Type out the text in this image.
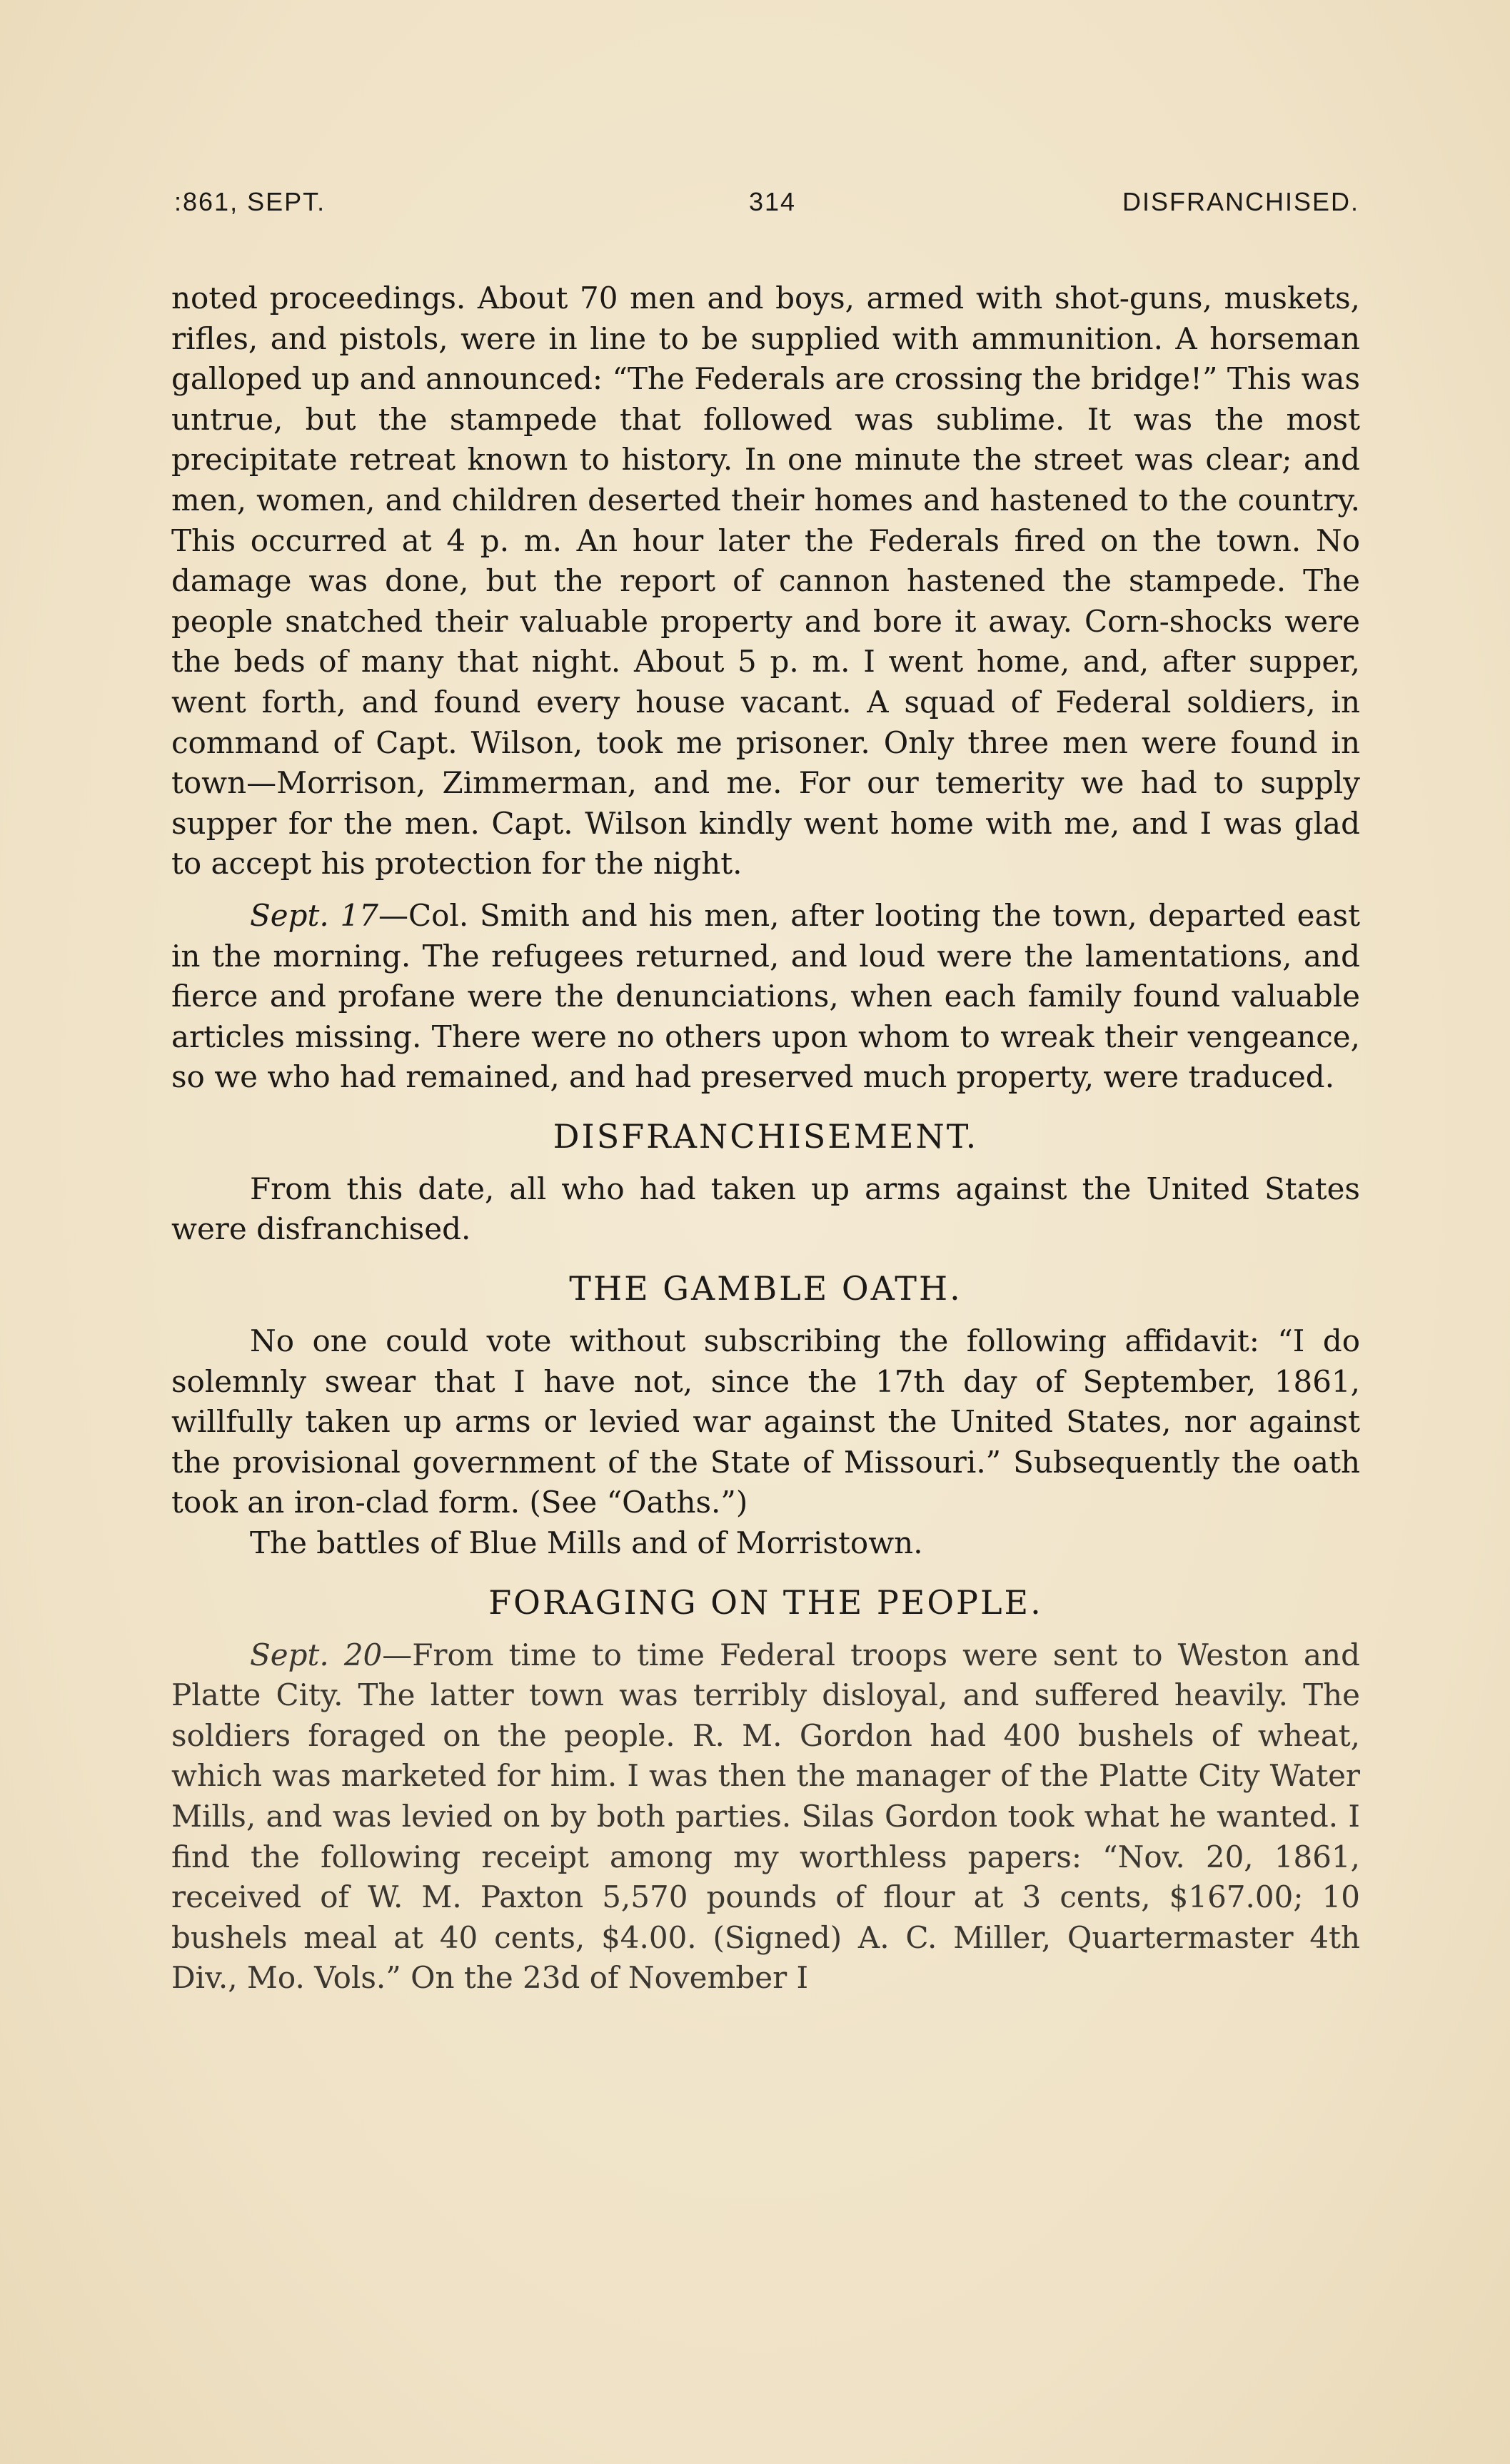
:861, SEPT.	314	DISFRANCHISED.

noted proceedings. About 70 men and boys, armed with shot-guns, muskets, rifles, and pistols, were in line to be supplied with ammunition. A horseman galloped up and announced: “The Federals are crossing the bridge!” This was untrue, but the stampede that followed was sublime. It was the most precipitate retreat known to history. In one minute the street was clear; and men, women, and children deserted their homes and hastened to the country. This occurred at 4 p. m. An hour later the Federals fired on the town. No damage was done, but the report of cannon hastened the stampede. The people snatched their valuable property and bore it away. Corn-shocks were the beds of many that night. About 5 p. m. I went home, and, after supper, went forth, and found every house vacant. A squad of Federal soldiers, in command of Capt. Wilson, took me prisoner. Only three men were found in town—Morrison, Zimmerman, and me. For our temerity we had to supply supper for the men. Capt. Wilson kindly went home with me, and I was glad to accept his protection for the night.

Sept. 17—Col. Smith and his men, after looting the town, departed east in the morning. The refugees returned, and loud were the lamentations, and fierce and profane were the denunciations, when each family found valuable articles missing. There were no others upon whom to wreak their vengeance, so we who had remained, and had preserved much property, were traduced.

DISFRANCHISEMENT.

From this date, all who had taken up arms against the United States were disfranchised.

THE GAMBLE OATH.

No one could vote without subscribing the following affidavit: “I do solemnly swear that I have not, since the 17th day of September, 1861, willfully taken up arms or levied war against the United States, nor against the provisional government of the State of Missouri.” Subsequently the oath took an iron-clad form. (See “Oaths.”)

The battles of Blue Mills and of Morristown.

FORAGING ON THE PEOPLE.

Sept. 20—From time to time Federal troops were sent to Weston and Platte City. The latter town was terribly disloyal, and suffered heavily. The soldiers foraged on the people. R. M. Gordon had 400 bushels of wheat, which was marketed for him. I was then the manager of the Platte City Water Mills, and was levied on by both parties. Silas Gordon took what he wanted. I find the following receipt among my worthless papers: “Nov. 20, 1861, received of W. M. Paxton 5,570 pounds of flour at 3 cents, $167.00; 10 bushels meal at 40 cents, $4.00. (Signed) A. C. Miller, Quartermaster 4th Div., Mo. Vols.” On the 23d of November I
